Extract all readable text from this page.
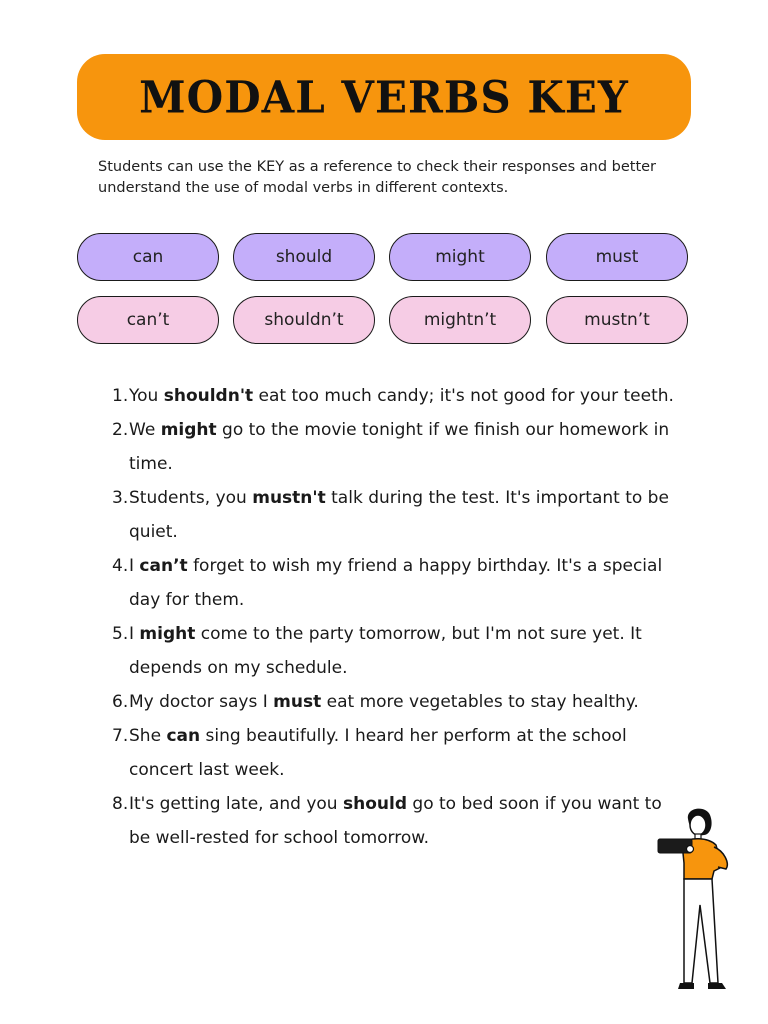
MODAL VERBS KEY
Students can use the KEY as a reference to check their responses and better understand the use of modal verbs in different contexts.
can	should	might	must
can’t	shouldn’t	mightn’t	mustn’t
1. You shouldn't eat too much candy; it's not good for your teeth.
2. We might go to the movie tonight if we finish our homework in time.
3. Students, you mustn't talk during the test. It's important to be quiet.
4. I can’t forget to wish my friend a happy birthday. It's a special day for them.
5. I might come to the party tomorrow, but I'm not sure yet. It depends on my schedule.
6. My doctor says I must eat more vegetables to stay healthy.
7. She can sing beautifully. I heard her perform at the school concert last week.
8. It's getting late, and you should go to bed soon if you want to be well-rested for school tomorrow.
